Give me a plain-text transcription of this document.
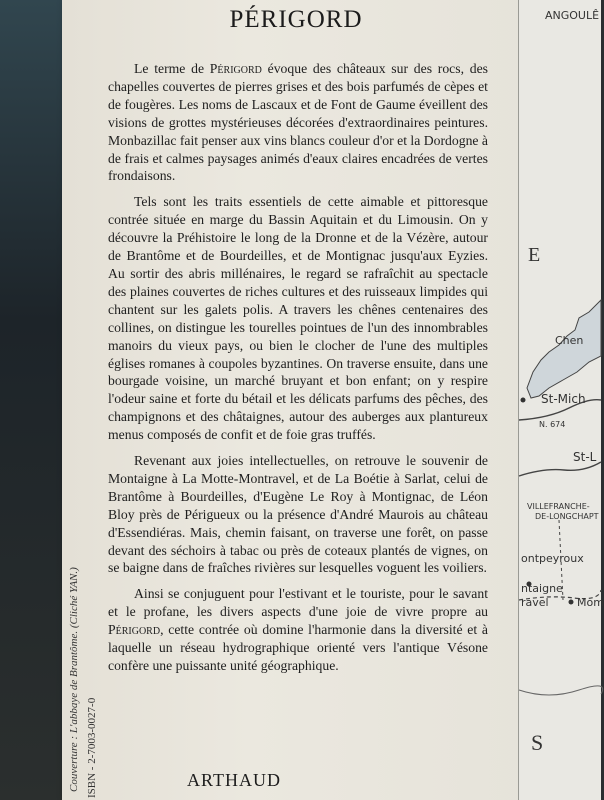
PÉRIGORD

Le terme de Périgord évoque des châteaux sur des rocs, des chapelles couvertes de pierres grises et des bois parfumés de cèpes et de fougères. Les noms de Lascaux et de Font de Gaume éveillent des visions de grottes mystérieuses décorées d'extraordinaires peintures. Monbazillac fait penser aux vins blancs couleur d'or et la Dordogne à de frais et calmes paysages animés d'eaux claires encadrées de vertes frondaisons.

Tels sont les traits essentiels de cette aimable et pittoresque contrée située en marge du Bassin Aquitain et du Limousin. On y découvre la Préhistoire le long de la Dronne et de la Vézère, autour de Brantôme et de Bourdeilles, et de Montignac jusqu'aux Eyzies. Au sortir des abris millénaires, le regard se rafraîchit au spectacle des plaines couvertes de riches cultures et des ruisseaux limpides qui chantent sur les galets polis. A travers les chênes centenaires des collines, on distingue les tourelles pointues de l'un des innombrables manoirs du vieux pays, ou bien le clocher de l'une des multiples églises romanes à coupoles byzantines. On traverse ensuite, dans une bourgade voisine, un marché bruyant et bon enfant; on y respire l'odeur saine et forte du bétail et les délicats parfums des pêches, des champignons et des châtaignes, autour des auberges aux plantureux menus composés de confit et de foie gras truffés.

Revenant aux joies intellectuelles, on retrouve le souvenir de Montaigne à La Motte-Montravel, et de La Boétie à Sarlat, celui de Brantôme à Bourdeilles, d'Eugène Le Roy à Montignac, de Léon Bloy près de Périgueux ou la présence d'André Maurois au château d'Essendiéras. Mais, chemin faisant, on traverse une forêt, on passe devant des séchoirs à tabac ou près de coteaux plantés de vignes, on se baigne dans de fraîches rivières sur lesquelles voguent les voiliers.

Ainsi se conjuguent pour l'estivant et le touriste, pour le savant et le profane, les divers aspects d'une joie de vivre propre au Périgord, cette contrée où domine l'harmonie dans la diversité et à laquelle un réseau hydrographique orienté vers l'antique Vésone confère une puissante unité géographique.

ARTHAUD
Couverture : L'abbaye de Brantôme. (Cliché YAN.) ISBN - 2-7003-0027-0
ANGOULÊ
E
Chen
St-Mich
N. 674
St-L
VILLEFRANCHE-
DE-LONGCHAPT
ontpeyroux
ntaigne
ravel	Mom
S
